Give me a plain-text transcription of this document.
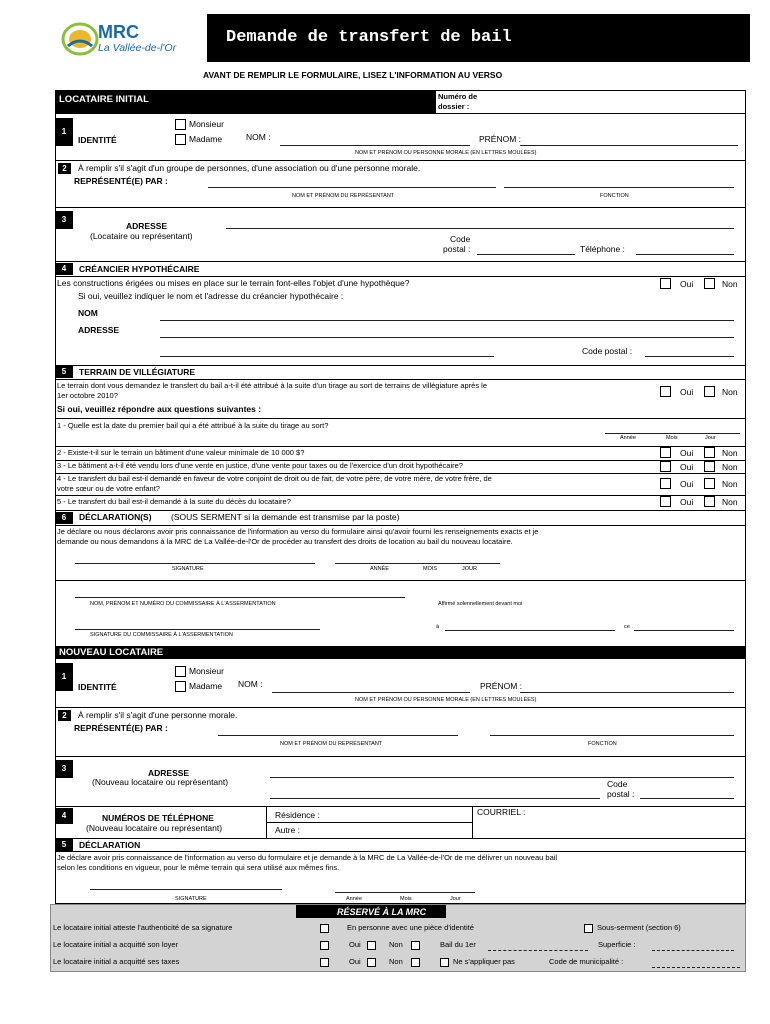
MRC
La Vallée-de-l'Or
Demande de transfert de bail
AVANT DE REMPLIR LE FORMULAIRE, LISEZ L'INFORMATION AU VERSO
LOCATAIRE INITIAL	Numéro de
dossier :
1
IDENTITÉ
Monsieur
Madame	NOM :	PRÉNOM :
NOM ET PRÉNOM OU PERSONNE MORALE (EN LETTRES MOULÉES)
2	À remplir s'il s'agit d'un groupe de personnes, d'une association ou d'une personne morale.
REPRÉSENTÉ(E) PAR :
NOM ET PRÉNOM DU REPRÉSENTANT	FONCTION
3
ADRESSE
(Locataire ou représentant)	Code
postal :	Téléphone :
4	CRÉANCIER HYPOTHÉCAIRE
Les constructions érigées ou mises en place sur le terrain font-elles l'objet d'une hypothèque?	Oui	Non
Si oui, veuillez indiquer le nom et l'adresse du créancier hypothécaire :
NOM
ADRESSE
Code postal :
5	TERRAIN DE VILLÉGIATURE
Le terrain dont vous demandez le transfert du bail a-t-il été attribué à la suite d'un tirage au sort de terrains de villégiature après le
1er octobre 2010?	Oui	Non
Si oui, veuillez répondre aux questions suivantes :
1 - Quelle est la date du premier bail qui a été attribué à la suite du tirage au sort?
Année	Mois	Jour
2 - Existe-t-il sur le terrain un bâtiment d'une valeur minimale de 10 000 $?	Oui	Non
3 - Le bâtiment a-t-il été vendu lors d'une vente en justice, d'une vente pour taxes ou de l'exercice d'un droit hypothécaire?	Oui	Non
4 - Le transfert du bail est-il demandé en faveur de votre conjoint de droit ou de fait, de votre père, de votre mère, de votre frère, de
votre sœur ou de votre enfant?	Oui	Non
5 - Le transfert du bail est-il demandé à la suite du décès du locataire?	Oui	Non
6	DÉCLARATION(S) (SOUS SERMENT si la demande est transmise par la poste)
Je déclare ou nous déclarons avoir pris connaissance de l'information au verso du formulaire ainsi qu'avoir fourni les renseignements exacts et je
demande ou nous demandons à la MRC de La Vallée-de-l'Or de procéder au transfert des droits de location au bail du nouveau locataire.
SIGNATURE	ANNÉE	MOIS	JOUR
NOM, PRÉNOM ET NUMÉRO DU COMMISSAIRE À L'ASSERMENTATION	Affirmé solennellement devant moi
à	ce
SIGNATURE DU COMMISSAIRE À L'ASSERMENTATION
NOUVEAU LOCATAIRE
1
IDENTITÉ
Monsieur
Madame NOM :	PRÉNOM :
NOM ET PRÉNOM OU PERSONNE MORALE (EN LETTRES MOULÉES)
2	À remplir s'il s'agit d'une personne morale.
REPRÉSENTÉ(E) PAR :
NOM ET PRÉNOM DU REPRÉSENTANT	FONCTION
3	ADRESSE
(Nouveau locataire ou représentant)	Code
postal :
4	NUMÉROS DE TÉLÉPHONE
(Nouveau locataire ou représentant)
Résidence :
Autre :
COURRIEL :
5	DÉCLARATION
Je déclare avoir pris connaissance de l'information au verso du formulaire et je demande à la MRC de La Vallée-de-l'Or de me délivrer un nouveau bail
selon les conditions en vigueur, pour le même terrain qui sera utilisé aux mêmes fins.
SIGNATURE	Année	Mois	Jour
RÉSERVÉ À LA MRC
Le locataire initial atteste l'authenticité de sa signature	En personne avec une pièce d'identité	Sous-serment (section 6)
Le locataire initial a acquitté son loyer	Oui	Non	Bail du 1er	Superficie :
Le locataire initial a acquitté ses taxes	Oui	Non	Ne s'appliquer pas	Code de municipalité :
